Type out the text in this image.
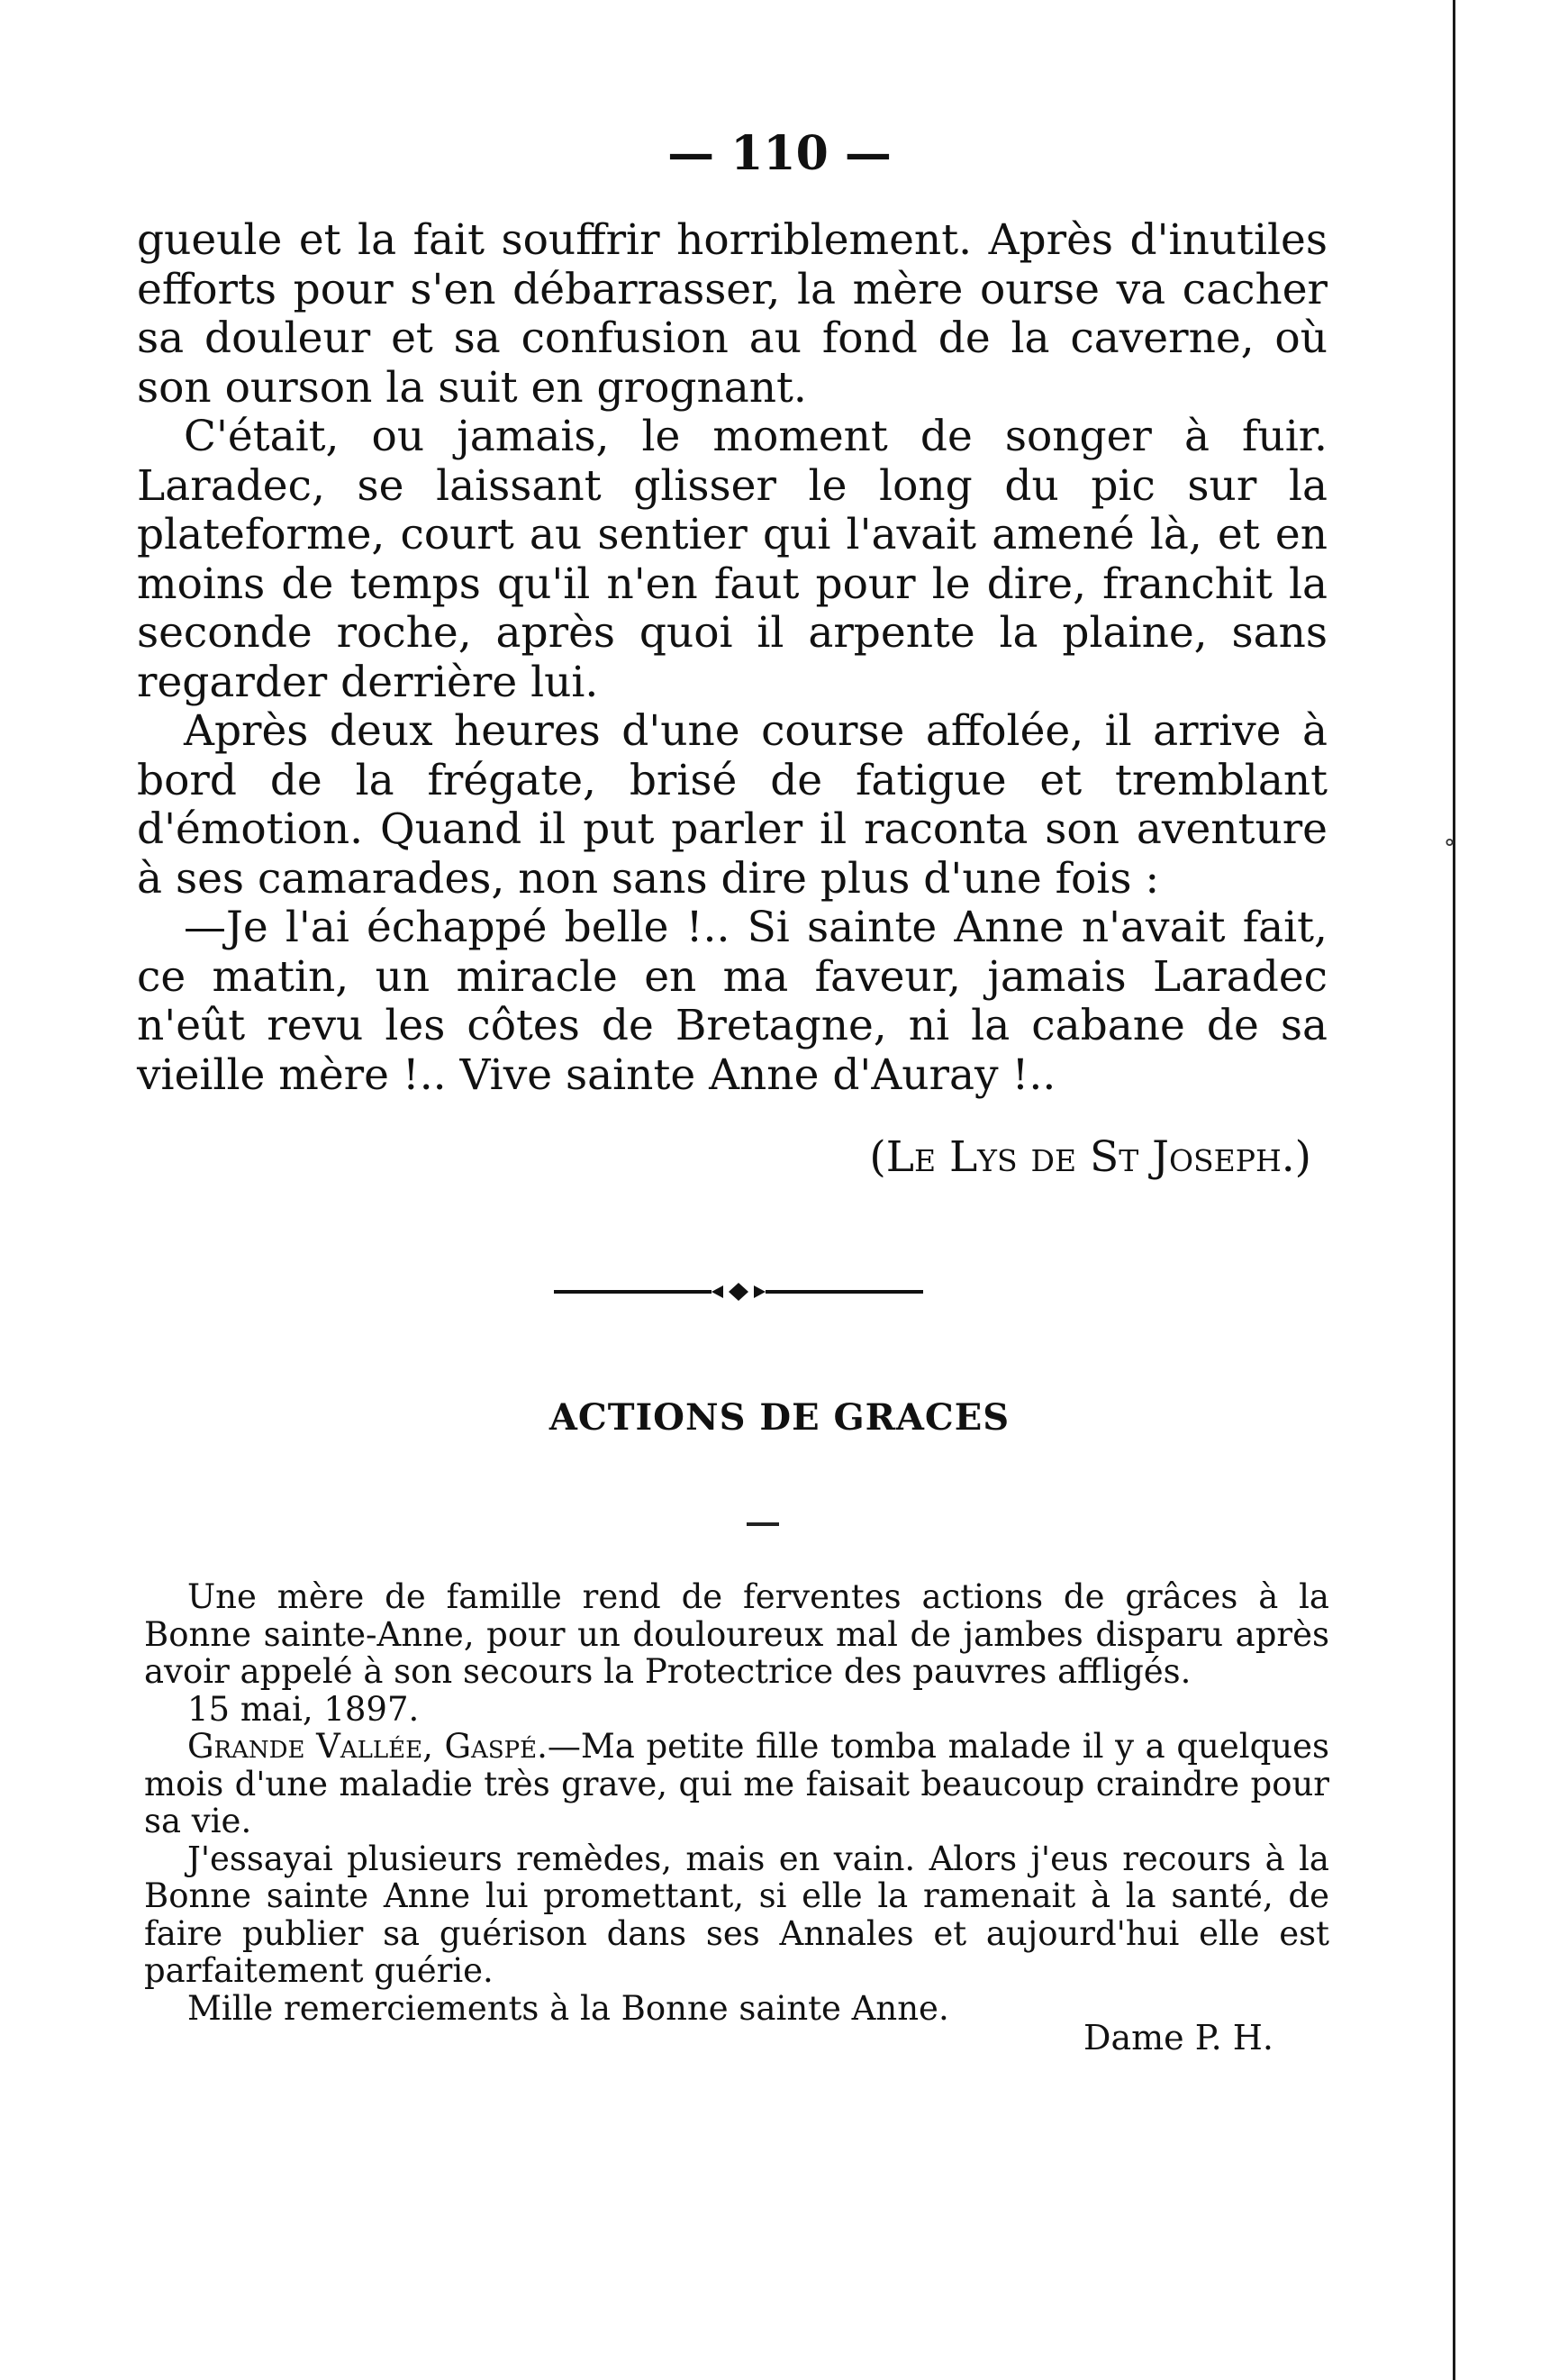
˳
— 110 —

gueule et la fait souffrir horriblement. Après d'inutiles efforts pour s'en débarrasser, la mère ourse va cacher sa douleur et sa confusion au fond de la caverne, où son ourson la suit en grognant.

C'était, ou jamais, le moment de songer à fuir. Laradec, se laissant glisser le long du pic sur la plateforme, court au sentier qui l'avait amené là, et en moins de temps qu'il n'en faut pour le dire, franchit la seconde roche, après quoi il arpente la plaine, sans regarder derrière lui.

Après deux heures d'une course affolée, il arrive à bord de la frégate, brisé de fatigue et tremblant d'émotion. Quand il put parler il raconta son aventure à ses camarades, non sans dire plus d'une fois :

—Je l'ai échappé belle !.. Si sainte Anne n'avait fait, ce matin, un miracle en ma faveur, jamais Laradec n'eût revu les côtes de Bretagne, ni la cabane de sa vieille mère !.. Vive sainte Anne d'Auray !..

(Le Lys de St Joseph.)
ACTIONS DE GRACES

Une mère de famille rend de ferventes actions de grâces à la Bonne sainte-Anne, pour un douloureux mal de jambes disparu après avoir appelé à son secours la Protectrice des pauvres affligés.

15 mai, 1897.

Grande Vallée, Gaspé.—Ma petite fille tomba malade il y a quelques mois d'une maladie très grave, qui me faisait beaucoup craindre pour sa vie.

J'essayai plusieurs remèdes, mais en vain. Alors j'eus recours à la Bonne sainte Anne lui promettant, si elle la ramenait à la santé, de faire publier sa guérison dans ses Annales et aujourd'hui elle est parfaitement guérie.

Mille remerciements à la Bonne sainte Anne.

Dame P. H.
